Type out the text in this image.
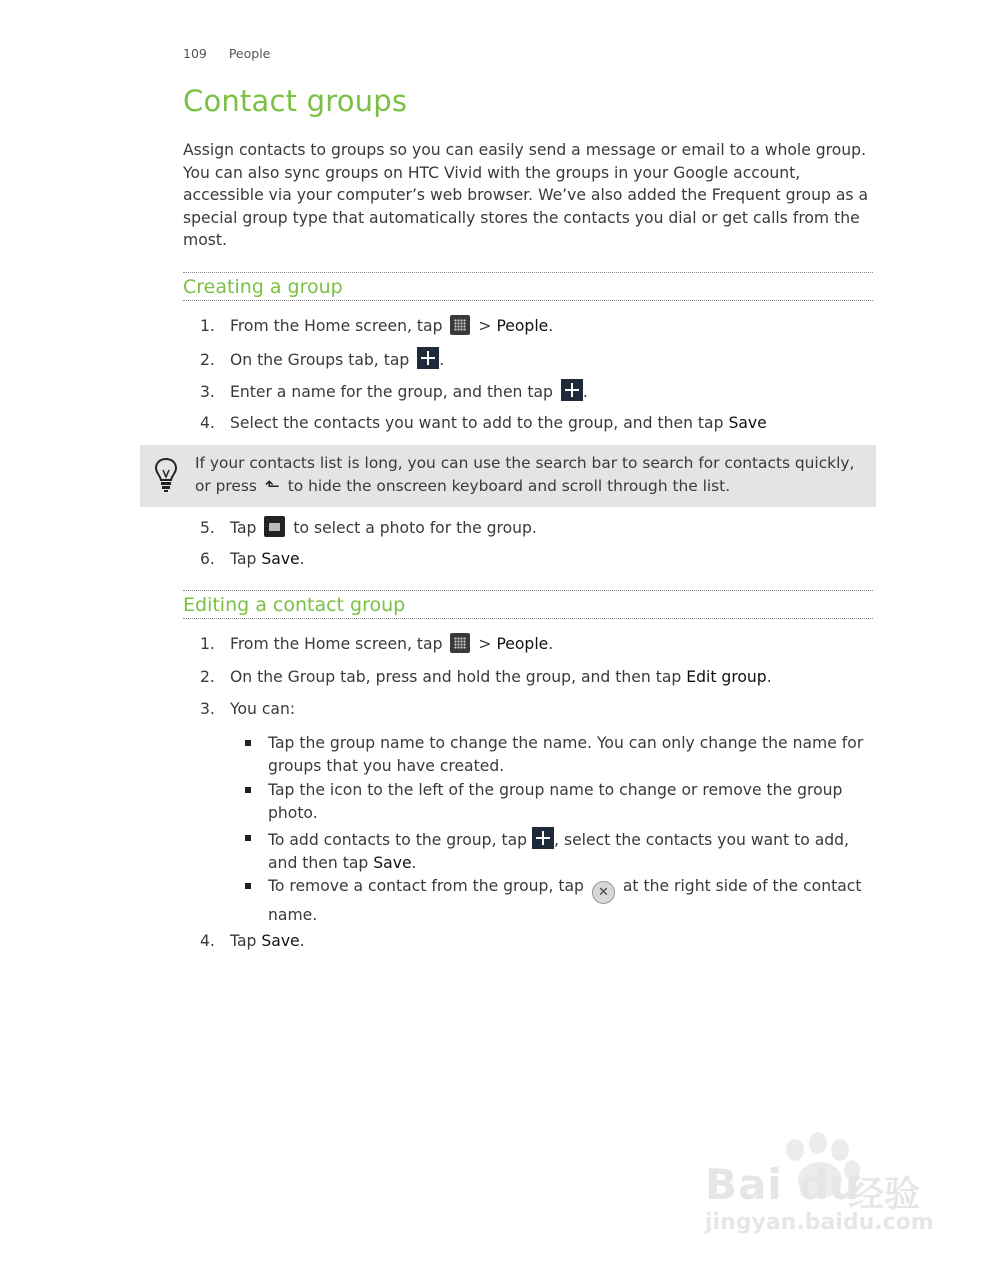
109 People
Contact groups

Assign contacts to groups so you can easily send a message or email to a whole group. You can also sync groups on HTC Vivid with the groups in your Google account, accessible via your computer’s web browser. We’ve also added the Frequent group as a special group type that automatically stores the contacts you dial or get calls from the most.

Creating a group
1. From the Home screen, tap > People.
2. On the Groups tab, tap .
3. Enter a name for the group, and then tap .
4. Select the contacts you want to add to the group, and then tap Save

If your contacts list is long, you can use the search bar to search for contacts quickly, or press ⬑ to hide the onscreen keyboard and scroll through the list.

5. Tap to select a photo for the group.
6. Tap Save.
Editing a contact group
1. From the Home screen, tap > People.
2. On the Group tab, press and hold the group, and then tap Edit group.
3. You can:
Tap the group name to change the name. You can only change the name for groups that you have created.
Tap the icon to the left of the group name to change or remove the group photo.
To add contacts to the group, tap , select the contacts you want to add, and then tap Save.
To remove a contact from the group, tap ✕ at the right side of the contact name.
4. Tap Save.
Bai du
经验
jingyan.baidu.com
